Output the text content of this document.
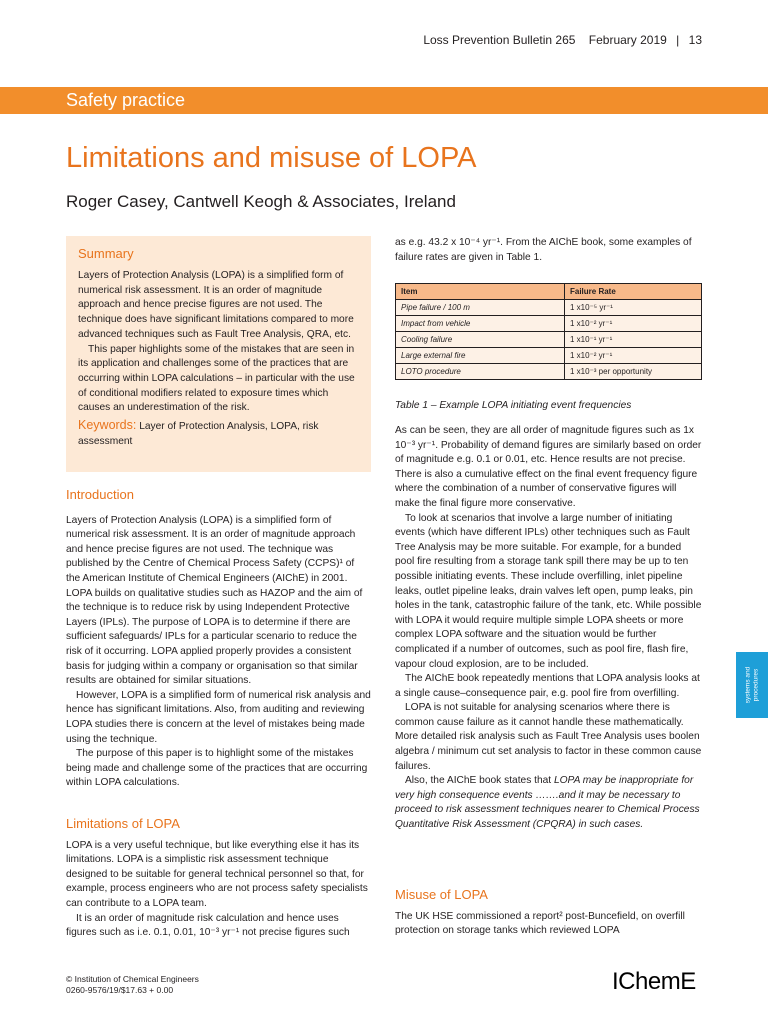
Loss Prevention Bulletin 265 February 2019 | 13
Safety practice
Limitations and misuse of LOPA
Roger Casey, Cantwell Keogh & Associates, Ireland
Summary

Layers of Protection Analysis (LOPA) is a simplified form of numerical risk assessment. It is an order of magnitude approach and hence precise figures are not used. The technique does have significant limitations compared to more advanced techniques such as Fault Tree Analysis, QRA, etc.

This paper highlights some of the mistakes that are seen in its application and challenges some of the practices that are occurring within LOPA calculations – in particular with the use of conditional modifiers related to exposure times which causes an underestimation of the risk.

Keywords: Layer of Protection Analysis, LOPA, risk assessment
Introduction

Layers of Protection Analysis (LOPA) is a simplified form of numerical risk assessment. It is an order of magnitude approach and hence precise figures are not used. The technique was published by the Centre of Chemical Process Safety (CCPS)¹ of the American Institute of Chemical Engineers (AIChE) in 2001. LOPA builds on qualitative studies such as HAZOP and the aim of the technique is to reduce risk by using Independent Protective Layers (IPLs). The purpose of LOPA is to determine if there are sufficient safeguards/ IPLs for a particular scenario to reduce the risk of it occurring. LOPA applied properly provides a consistent basis for judging within a company or organisation so that similar results are obtained for similar situations.

However, LOPA is a simplified form of numerical risk analysis and hence has significant limitations. Also, from auditing and reviewing LOPA studies there is concern at the level of mistakes being made using the technique.

The purpose of this paper is to highlight some of the mistakes being made and challenge some of the practices that are occurring within LOPA calculations.

Limitations of LOPA

LOPA is a very useful technique, but like everything else it has its limitations. LOPA is a simplistic risk assessment technique designed to be suitable for general technical personnel so that, for example, process engineers who are not process safety specialists can contribute to a LOPA team.

It is an order of magnitude risk calculation and hence uses figures such as i.e. 0.1, 0.01, 10⁻³ yr⁻¹ not precise figures such

as e.g. 43.2 x 10⁻⁴ yr⁻¹. From the AIChE book, some examples of failure rates are given in Table 1.

Item	Failure Rate
Pipe failure / 100 m	1 x10⁻⁵ yr⁻¹
Impact from vehicle	1 x10⁻² yr⁻¹
Cooling failure	1 x10⁻¹ yr⁻¹
Large external fire	1 x10⁻² yr⁻¹
LOTO procedure	1 x10⁻³ per opportunity
Table 1 – Example LOPA initiating event frequencies

As can be seen, they are all order of magnitude figures such as 1x 10⁻³ yr⁻¹. Probability of demand figures are similarly based on order of magnitude e.g. 0.1 or 0.01, etc. Hence results are not precise. There is also a cumulative effect on the final event frequency figure where the combination of a number of conservative figures will make the final figure more conservative.

To look at scenarios that involve a large number of initiating events (which have different IPLs) other techniques such as Fault Tree Analysis may be more suitable. For example, for a bunded pool fire resulting from a storage tank spill there may be up to ten possible initiating events. These include overfilling, inlet pipeline leaks, outlet pipeline leaks, drain valves left open, pump leaks, pin holes in the tank, catastrophic failure of the tank, etc. While possible with LOPA it would require multiple simple LOPA sheets or more complex LOPA software and the situation would be further complicated if a number of outcomes, such as pool fire, flash fire, vapour cloud explosion, are to be included.

The AIChE book repeatedly mentions that LOPA analysis looks at a single cause–consequence pair, e.g. pool fire from overfilling.

LOPA is not suitable for analysing scenarios where there is common cause failure as it cannot handle these mathematically. More detailed risk analysis such as Fault Tree Analysis uses boolen algebra / minimum cut set analysis to factor in these common cause failures.

Also, the AIChE book states that LOPA may be inappropriate for very high consequence events …….and it may be necessary to proceed to risk assessment techniques nearer to Chemical Process Quantitative Risk Assessment (CPQRA) in such cases.

Misuse of LOPA

The UK HSE commissioned a report² post-Buncefield, on overfill protection on storage tanks which reviewed LOPA

systems and procedures
© Institution of Chemical Engineers
0260-9576/19/$17.63 + 0.00	IChemE
